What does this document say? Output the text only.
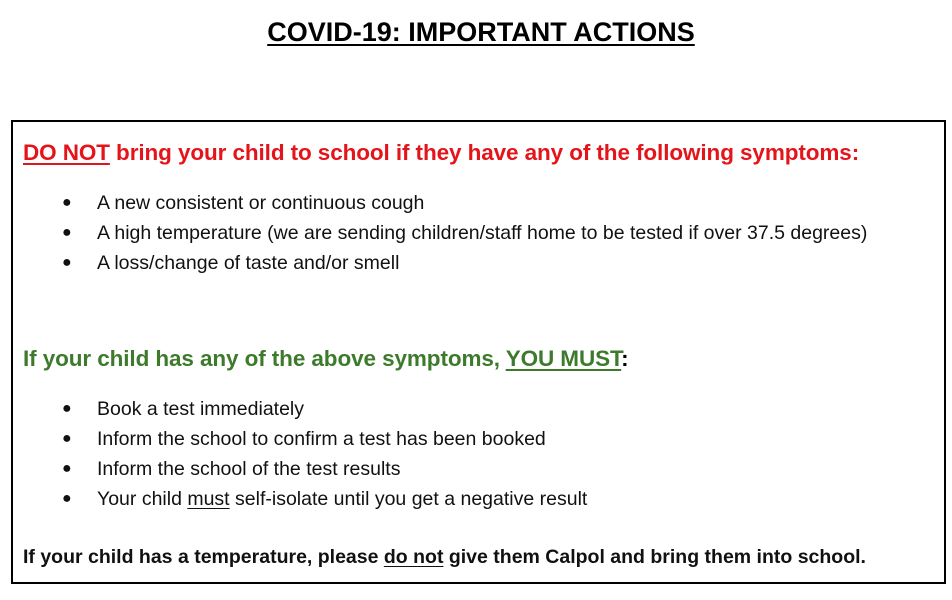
COVID-19: IMPORTANT ACTIONS
DO NOT bring your child to school if they have any of the following symptoms:
● A new consistent or continuous cough
● A high temperature (we are sending children/staff home to be tested if over 37.5 degrees)
● A loss/change of taste and/or smell
If your child has any of the above symptoms, YOU MUST:
● Book a test immediately
● Inform the school to confirm a test has been booked
● Inform the school of the test results
● Your child must self-isolate until you get a negative result
If your child has a temperature, please do not give them Calpol and bring them into school.
